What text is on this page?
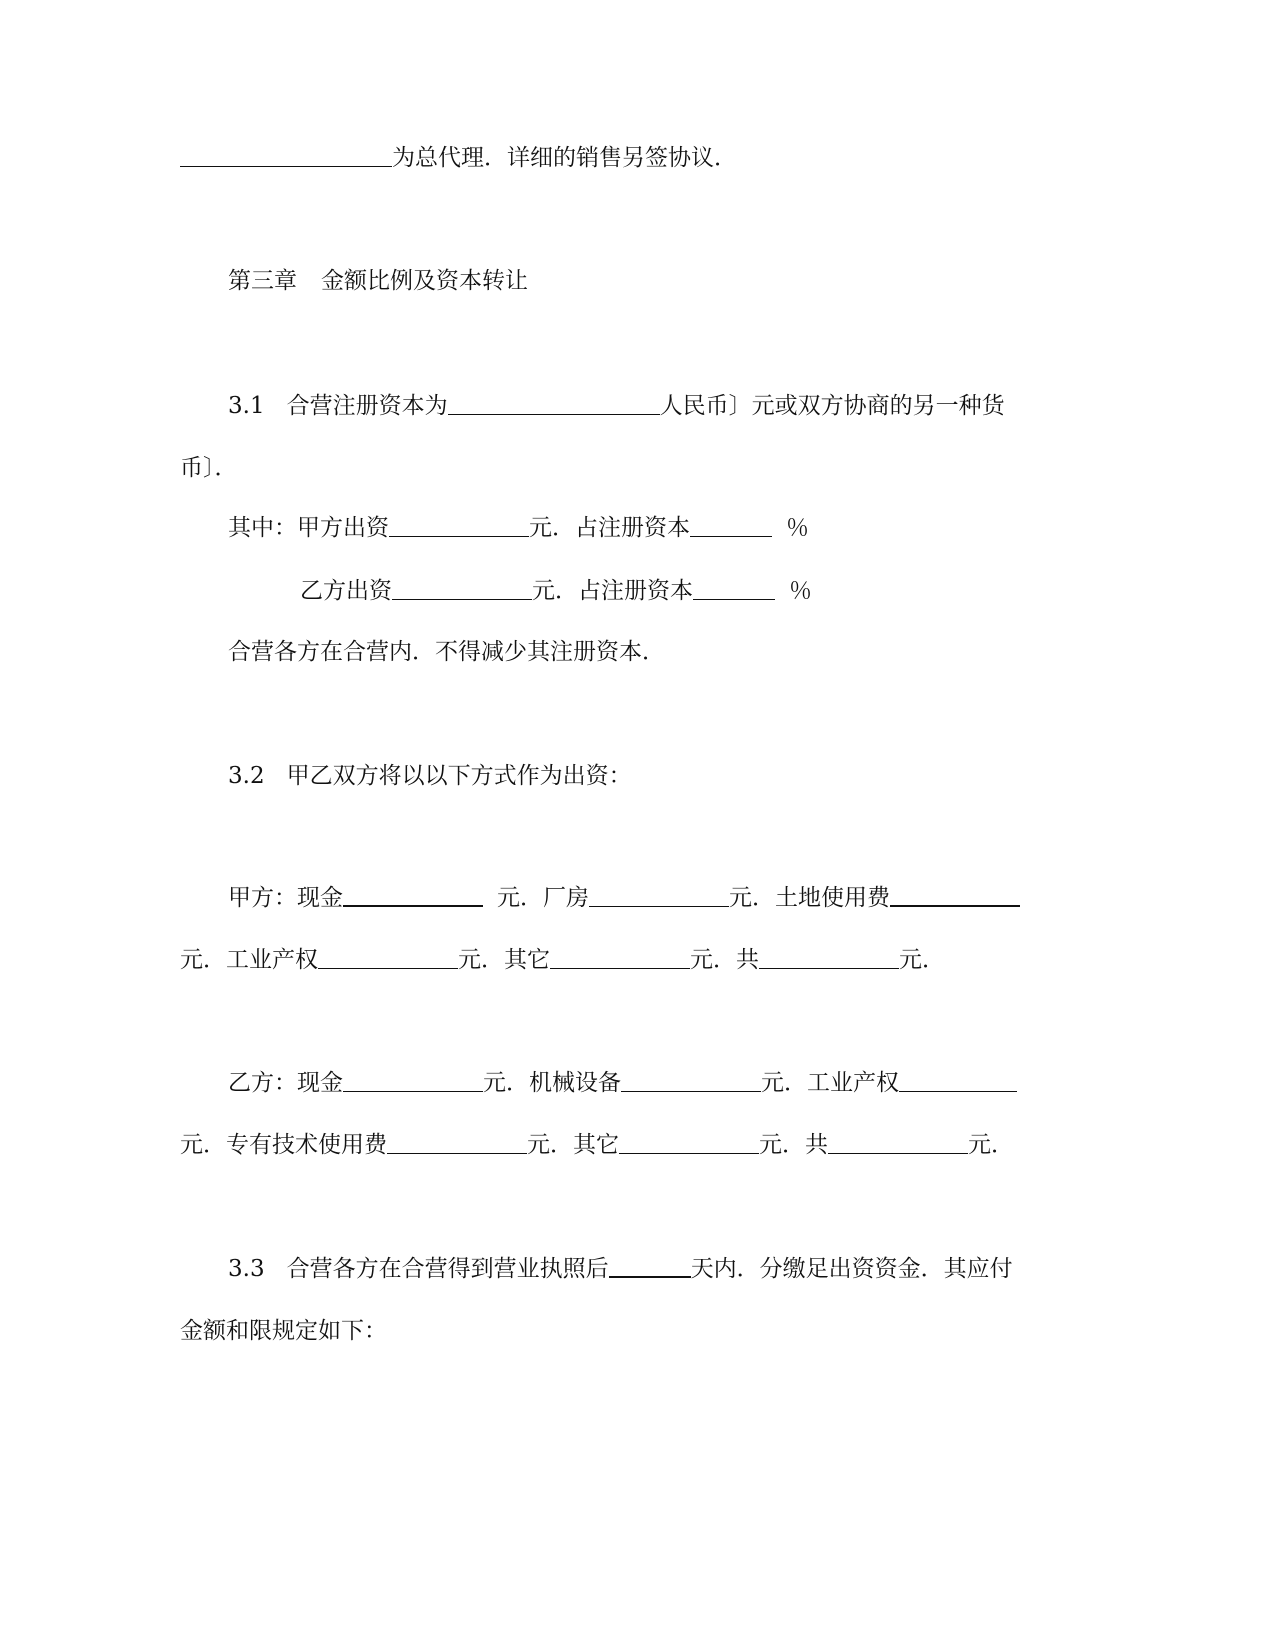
为总代理．详细的销售另签协议．
第三章 金额比例及资本转让
3.1 合营注册资本为	人民币〕元或双方协商的另一种货
币〕．
其中：甲方出资	元．占注册资本	％
乙方出资	元．占注册资本	％
合营各方在合营内．不得减少其注册资本．
3.2 甲乙双方将以以下方式作为出资：
甲方：现金	元．厂房	元．土地使用费
元．工业产权	元．其它	元．共	元．
乙方：现金	元．机械设备	元．工业产权
元．专有技术使用费	元．其它	元．共	元．
3.3 合营各方在合营得到营业执照后	天内．分缴足出资资金．其应付
金额和限规定如下：
